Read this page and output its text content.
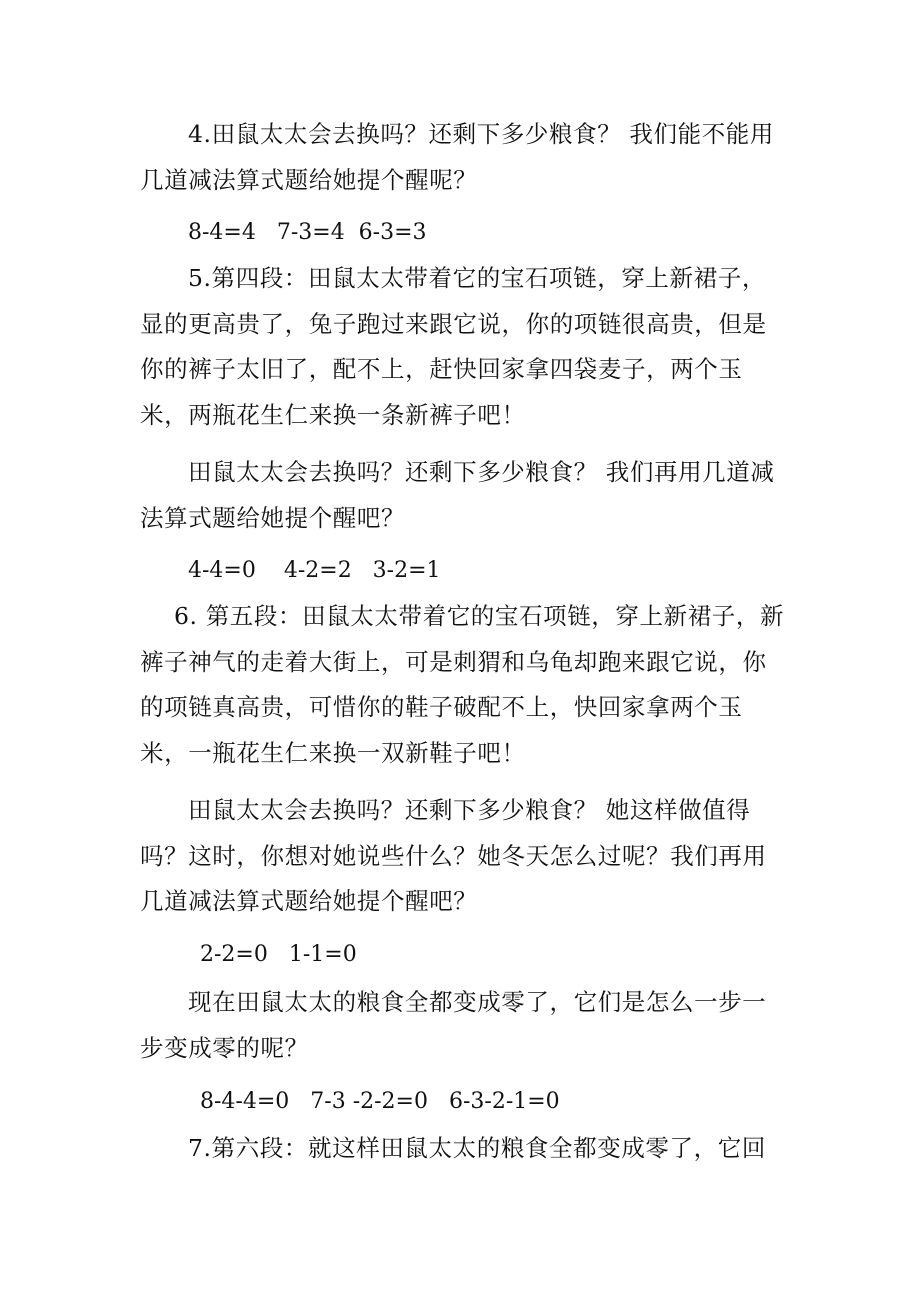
4.田鼠太太会去换吗？还剩下多少粮食？ 我们能不能用几道减法算式题给她提个醒呢？

8-4=4   7-3=4  6-3=3

5.第四段：田鼠太太带着它的宝石项链，穿上新裙子，显的更高贵了，兔子跑过来跟它说，你的项链很高贵，但是你的裤子太旧了，配不上，赶快回家拿四袋麦子，两个玉米，两瓶花生仁来换一条新裤子吧！

田鼠太太会去换吗？还剩下多少粮食？ 我们再用几道减法算式题给她提个醒吧？

4-4=0    4-2=2   3-2=1

6. 第五段：田鼠太太带着它的宝石项链，穿上新裙子，新裤子神气的走着大街上，可是刺猬和乌龟却跑来跟它说，你的项链真高贵，可惜你的鞋子破配不上，快回家拿两个玉米，一瓶花生仁来换一双新鞋子吧！

田鼠太太会去换吗？还剩下多少粮食？ 她这样做值得吗？这时，你想对她说些什么？她冬天怎么过呢？我们再用几道减法算式题给她提个醒吧？

2-2=0   1-1=0

现在田鼠太太的粮食全都变成零了，它们是怎么一步一步变成零的呢？

8-4-4=0   7-3 -2-2=0   6-3-2-1=0

7.第六段：就这样田鼠太太的粮食全都变成零了，它回
